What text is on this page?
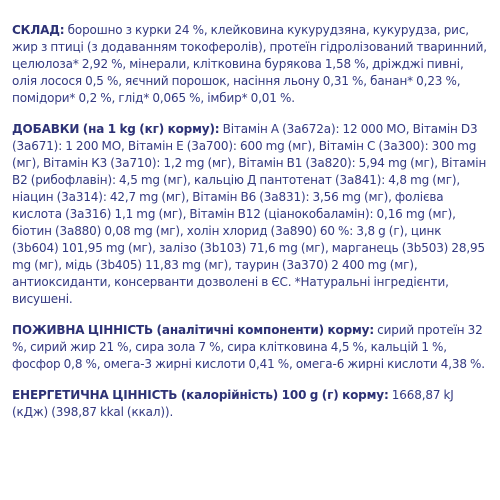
СКЛАД: борошно з курки 24 %, клейковина кукурудзяна, кукурудза, рис, жир з птиці (з додаванням токоферолів), протеїн гідролізований тваринний, целюлоза* 2,92 %, мінерали, клітковина бурякова 1,58 %, дріжджі пивні, олія лосося 0,5 %, яєчний порошок, насіння льону 0,31 %, банан* 0,23 %, помідори* 0,2 %, глід* 0,065 %, імбир* 0,01 %.

ДОБАВКИ (на 1 kg (кг) корму): Вітамін А (3а672а): 12 000 МО, Вітамін D3 (3а671): 1 200 МО, Вітамін Е (3а700): 600 mg (мг), Вітамін С (3а300): 300 mg (мг), Вітамін К3 (3а710): 1,2 mg (мг), Вітамін В1 (3а820): 5,94 mg (мг), Вітамін В2 (рибофлавін): 4,5 mg (мг), кальцію Д пантотенат (3а841): 4,8 mg (мг), ніацин (3а314): 42,7 mg (мг), Вітамін В6 (3а831): 3,56 mg (мг), фолієва кислота (3а316) 1,1 mg (мг), Вітамін В12 (ціанокобаламін): 0,16 mg (мг), біотин (3а880) 0,08 mg (мг), холін хлорид (3а890) 60 %: 3,8 g (г), цинк (3b604) 101,95 mg (мг), залізо (3b103) 71,6 mg (мг), марганець (3b503) 28,95 mg (мг), мідь (3b405) 11,83 mg (мг), таурин (3а370) 2 400 mg (мг), антиоксиданти, консерванти дозволені в ЄС. *Натуральні інгредієнти, висушені.

ПОЖИВНА ЦІННІСТЬ (аналітичні компоненти) корму: сирий протеїн 32 %, сирий жир 21 %, сира зола 7 %, сира клітковина 4,5 %, кальцій 1 %, фосфор 0,8 %, омега-3 жирні кислоти 0,41 %, омега-6 жирні кислоти 4,38 %.

ЕНЕРГЕТИЧНА ЦІННІСТЬ (калорійність) 100 g (г) корму: 1668,87 kJ (кДж) (398,87 kkal (ккал)).
